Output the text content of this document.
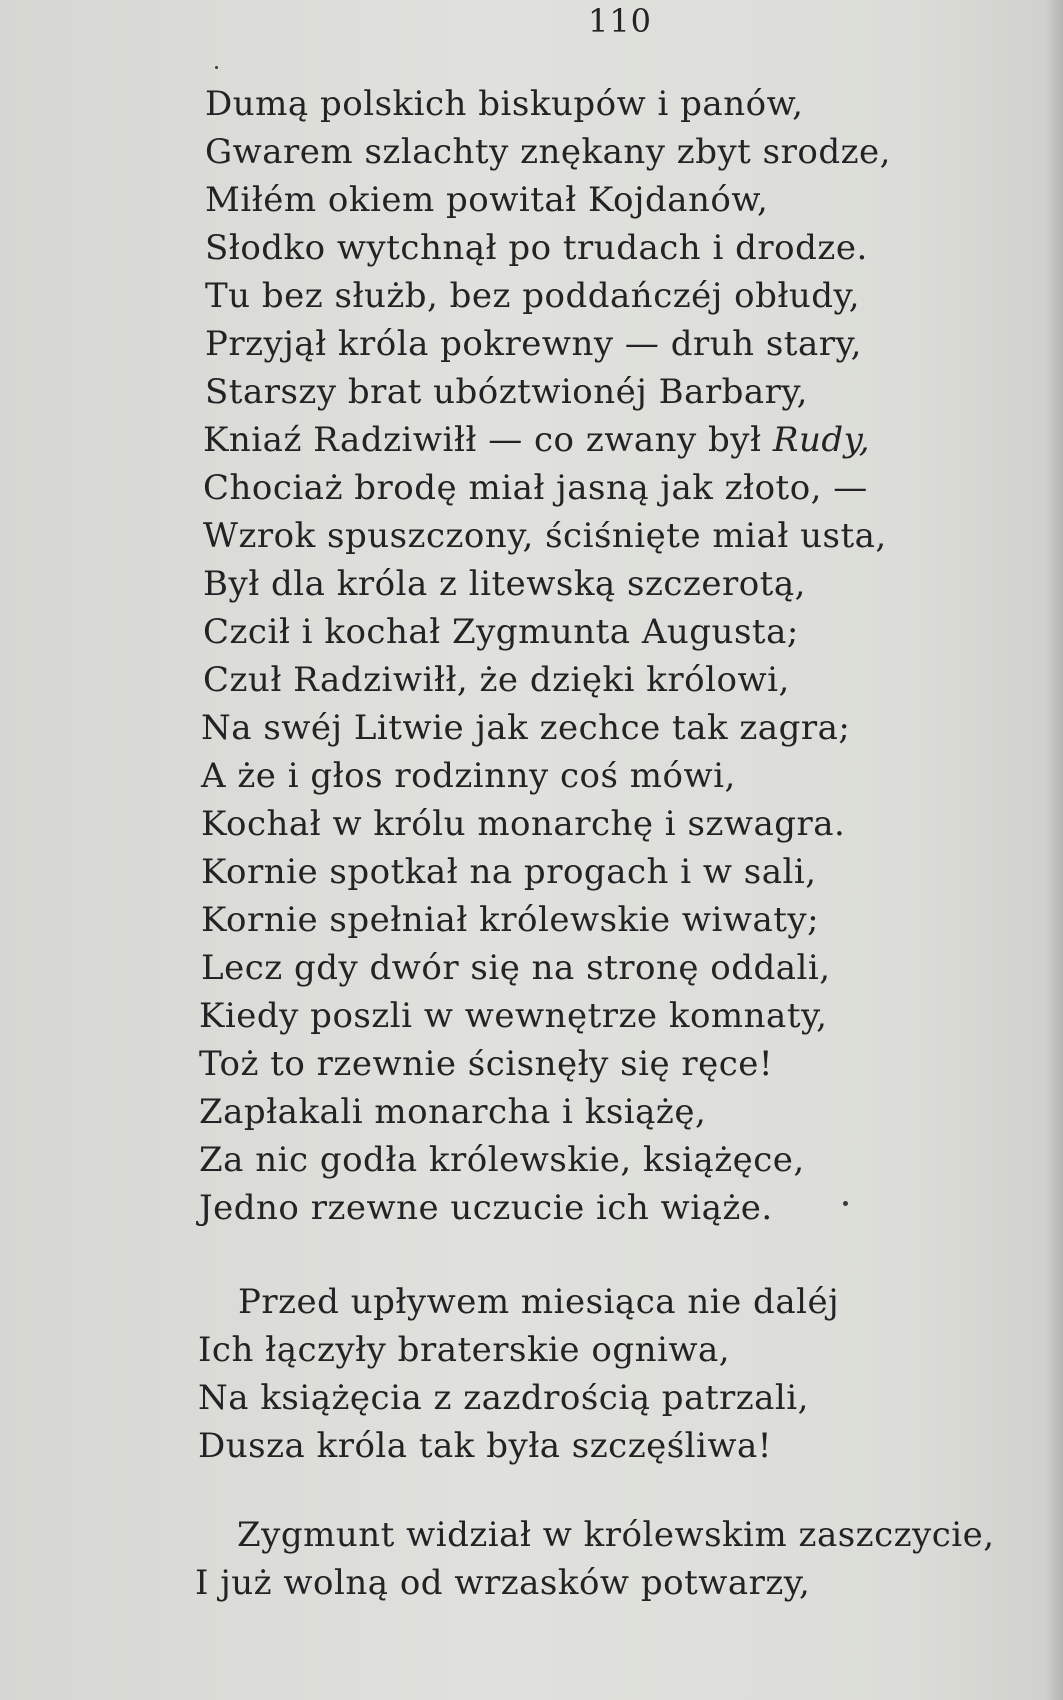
110
Dumą polskich biskupów i panów,
Gwarem szlachty znękany zbyt srodze,
Miłém okiem powitał Kojdanów,
Słodko wytchnął po trudach i drodze.
Tu bez służb, bez poddańczéj obłudy,
Przyjął króla pokrewny — druh stary,
Starszy brat ubóztwionéj Barbary,
Kniaź Radziwiłł — co zwany był Rudy,
Chociaż brodę miał jasną jak złoto, —
Wzrok spuszczony, ściśnięte miał usta,
Był dla króla z litewską szczerotą,
Czcił i kochał Zygmunta Augusta;
Czuł Radziwiłł, że dzięki królowi,
Na swéj Litwie jak zechce tak zagra;
A że i głos rodzinny coś mówi,
Kochał w królu monarchę i szwagra.
Kornie spotkał na progach i w sali,
Kornie spełniał królewskie wiwaty;
Lecz gdy dwór się na stronę oddali,
Kiedy poszli w wewnętrze komnaty,
Toż to rzewnie ścisnęły się ręce!
Zapłakali monarcha i książę,
Za nic godła królewskie, książęce,
Jedno rzewne uczucie ich wiąże.
Przed upływem miesiąca nie daléj
Ich łączyły braterskie ogniwa,
Na książęcia z zazdrością patrzali,
Dusza króla tak była szczęśliwa!
Zygmunt widział w królewskim zaszczycie,
I już wolną od wrzasków potwarzy,
